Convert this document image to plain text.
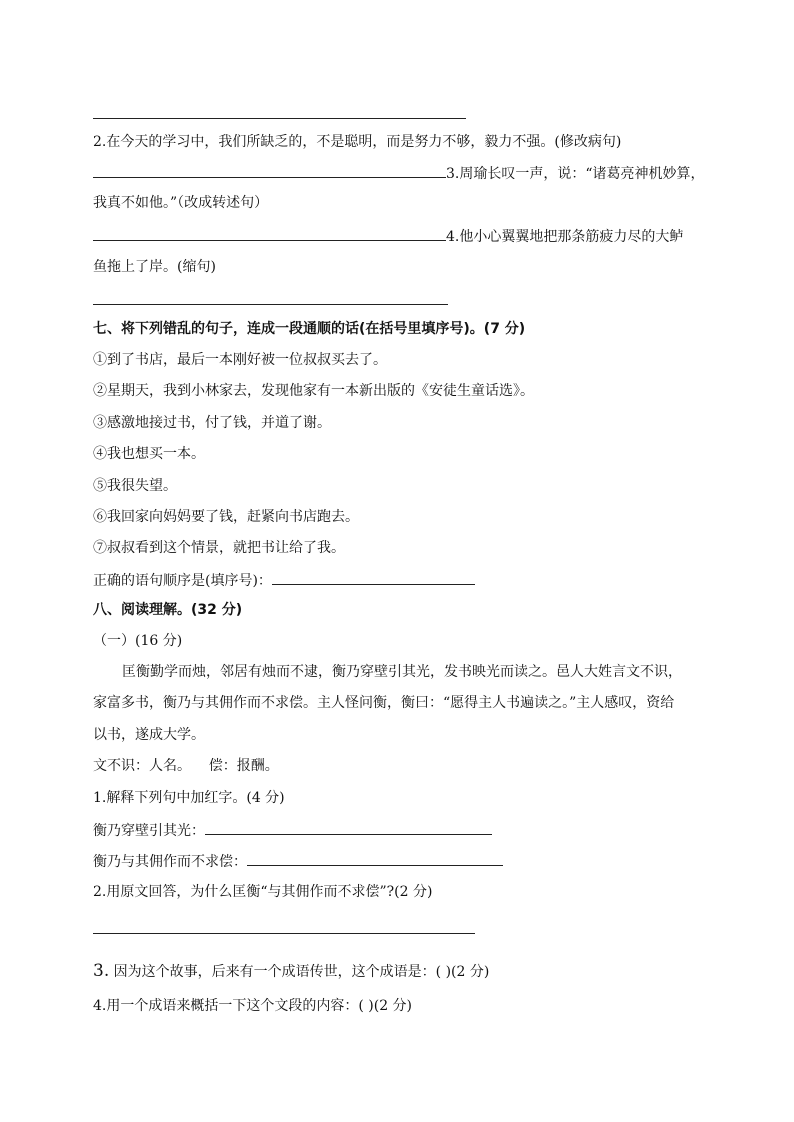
2.在今天的学习中，我们所缺乏的，不是聪明，而是努力不够，毅力不强。(修改病句)
3.周瑜长叹一声，说：“诸葛亮神机妙算，
我真不如他。”（改成转述句）
4.他小心翼翼地把那条筋疲力尽的大鲈
鱼拖上了岸。(缩句)
七、将下列错乱的句子，连成一段通顺的话(在括号里填序号)。(7 分)
①到了书店，最后一本刚好被一位叔叔买去了。
②星期天，我到小林家去，发现他家有一本新出版的《安徒生童话选》。
③感激地接过书，付了钱，并道了谢。
④我也想买一本。
⑤我很失望。
⑥我回家向妈妈要了钱，赶紧向书店跑去。
⑦叔叔看到这个情景，就把书让给了我。
正确的语句顺序是(填序号)：
八、阅读理解。(32 分)
（一）(16 分)
匡衡勤学而烛，邻居有烛而不逮，衡乃穿壁引其光，发书映光而读之。邑人大姓言文不识，
家富多书，衡乃与其佣作而不求偿。主人怪问衡，衡曰：“愿得主人书遍读之。”主人感叹，资给
以书，遂成大学。
文不识：人名。    偿：报酬。
1.解释下列句中加红字。(4 分)
衡乃穿壁引其光：
衡乃与其佣作而不求偿：
2.用原文回答，为什么匡衡“与其佣作而不求偿”?(2 分)
3. 因为这个故事，后来有一个成语传世，这个成语是：( )(2 分)
4.用一个成语来概括一下这个文段的内容：( )(2 分)
